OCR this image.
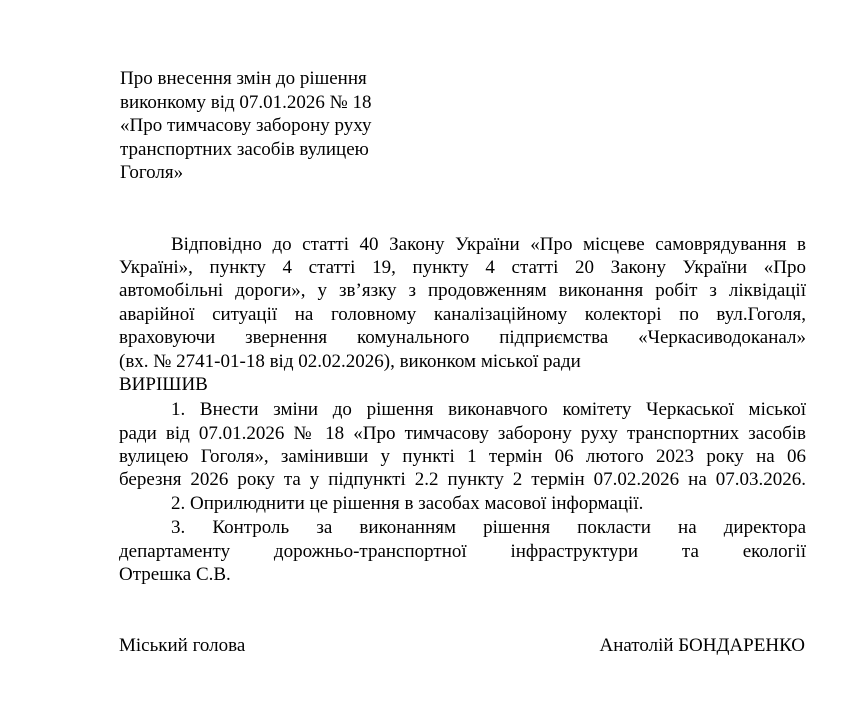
Про внесення змін до рішення
виконкому від 07.01.2026 № 18
«Про тимчасову заборону руху
транспортних засобів вулицею
Гоголя»
Відповідно до статті 40 Закону України «Про місцеве самоврядування в
Україні», пункту 4 статті 19, пункту 4 статті 20 Закону України «Про
автомобільні дороги», у зв’язку з продовженням виконання робіт з ліквідації
аварійної ситуації на головному каналізаційному колекторі по вул.Гоголя,
враховуючи звернення комунального підприємства «Черкасиводоканал»
(вх. № 2741-01-18 від 02.02.2026), виконком міської ради
ВИРІШИВ
1. Внести зміни до рішення виконавчого комітету Черкаської міської
ради від 07.01.2026 № 18 «Про тимчасову заборону руху транспортних засобів
вулицею Гоголя», замінивши у пункті 1 термін 06 лютого 2023 року на 06
березня 2026 року та у підпункті 2.2 пункту 2 термін 07.02.2026 на 07.03.2026.
2. Оприлюднити це рішення в засобах масової інформації.
3. Контроль за виконанням рішення покласти на директора
департаменту дорожньо-транспортної інфраструктури та екології
Отрешка С.В.
Міський голова	Анатолій БОНДАРЕНКО
